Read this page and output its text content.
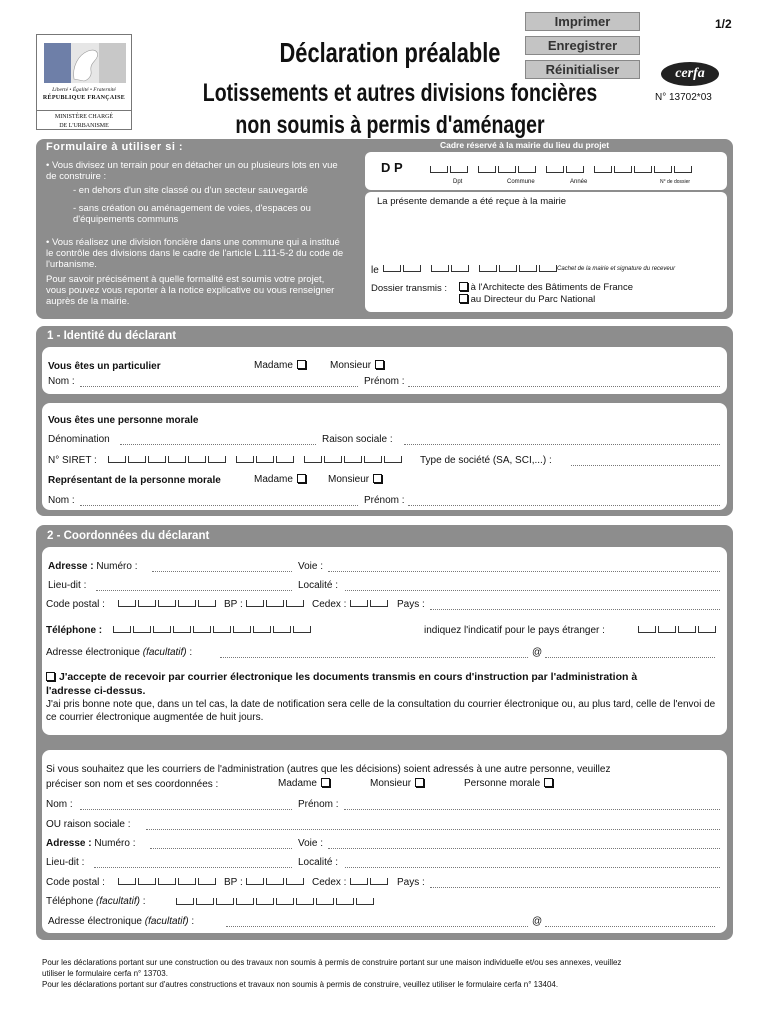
Imprimer
Enregistrer
Réinitialiser
1/2
Liberté • Égalité • Fraternité
RÉPUBLIQUE FRANÇAISE
MINISTÈRE CHARGÉ
DE L'URBANISME
Déclaration préalable
Lotissements et autres divisions foncières
non soumis à permis d'aménager
cerfa
N° 13702*03
Formulaire à utiliser si :	Cadre réservé à la mairie du lieu du projet
• Vous divisez un terrain pour en détacher un ou plusieurs lots en vue de construire :
- en dehors d'un site classé ou d'un secteur sauvegardé
- sans création ou aménagement de voies, d'espaces ou d'équipements communs
• Vous réalisez une division foncière dans une commune qui a institué le contrôle des divisions dans le cadre de l'article L.111-5-2 du code de l'urbanisme.
Pour savoir précisément à quelle formalité est soumis votre projet, vous pouvez vous reporter à la notice explicative ou vous renseigner auprès de la mairie.
D P
Dpt	Commune	Année	N° de dossier
La présente demande a été reçue à la mairie
le	Cachet de la mairie et signature du receveur
Dossier transmis :	à l'Architecte des Bâtiments de France
au Directeur du Parc National
1 - Identité du déclarant
Vous êtes un particulier	Madame	Monsieur
Nom :	Prénom :
Vous êtes une personne morale
Dénomination	Raison sociale :
N° SIRET :	Type de société (SA, SCI,...) :
Représentant de la personne morale	Madame	Monsieur
Nom :	Prénom :
2 - Coordonnées du déclarant
Adresse : Numéro :	Voie :
Lieu-dit :	Localité :
Code postal :	BP :	Cedex :	Pays :
Téléphone :	indiquez l'indicatif pour le pays étranger :
Adresse électronique (facultatif) :	@
J'accepte de recevoir par courrier électronique les documents transmis en cours d'instruction par l'administration à
l'adresse ci-dessus.
J'ai pris bonne note que, dans un tel cas, la date de notification sera celle de la consultation du courrier électronique ou, au plus tard, celle de l'envoi de ce courrier électronique augmentée de huit jours.
Si vous souhaitez que les courriers de l'administration (autres que les décisions) soient adressés à une autre personne, veuillez
préciser son nom et ses coordonnées :	Madame	Monsieur	Personne morale
Nom :	Prénom :
OU raison sociale :
Adresse : Numéro :	Voie :
Lieu-dit :	Localité :
Code postal :	BP :	Cedex :	Pays :
Téléphone (facultatif) :
Adresse électronique (facultatif) :	@
Pour les déclarations portant sur une construction ou des travaux non soumis à permis de construire portant sur une maison individuelle et/ou ses annexes, veuillez
utiliser le formulaire cerfa n° 13703.
Pour les déclarations portant sur d'autres constructions et travaux non soumis à permis de construire, veuillez utiliser le formulaire cerfa n° 13404.
